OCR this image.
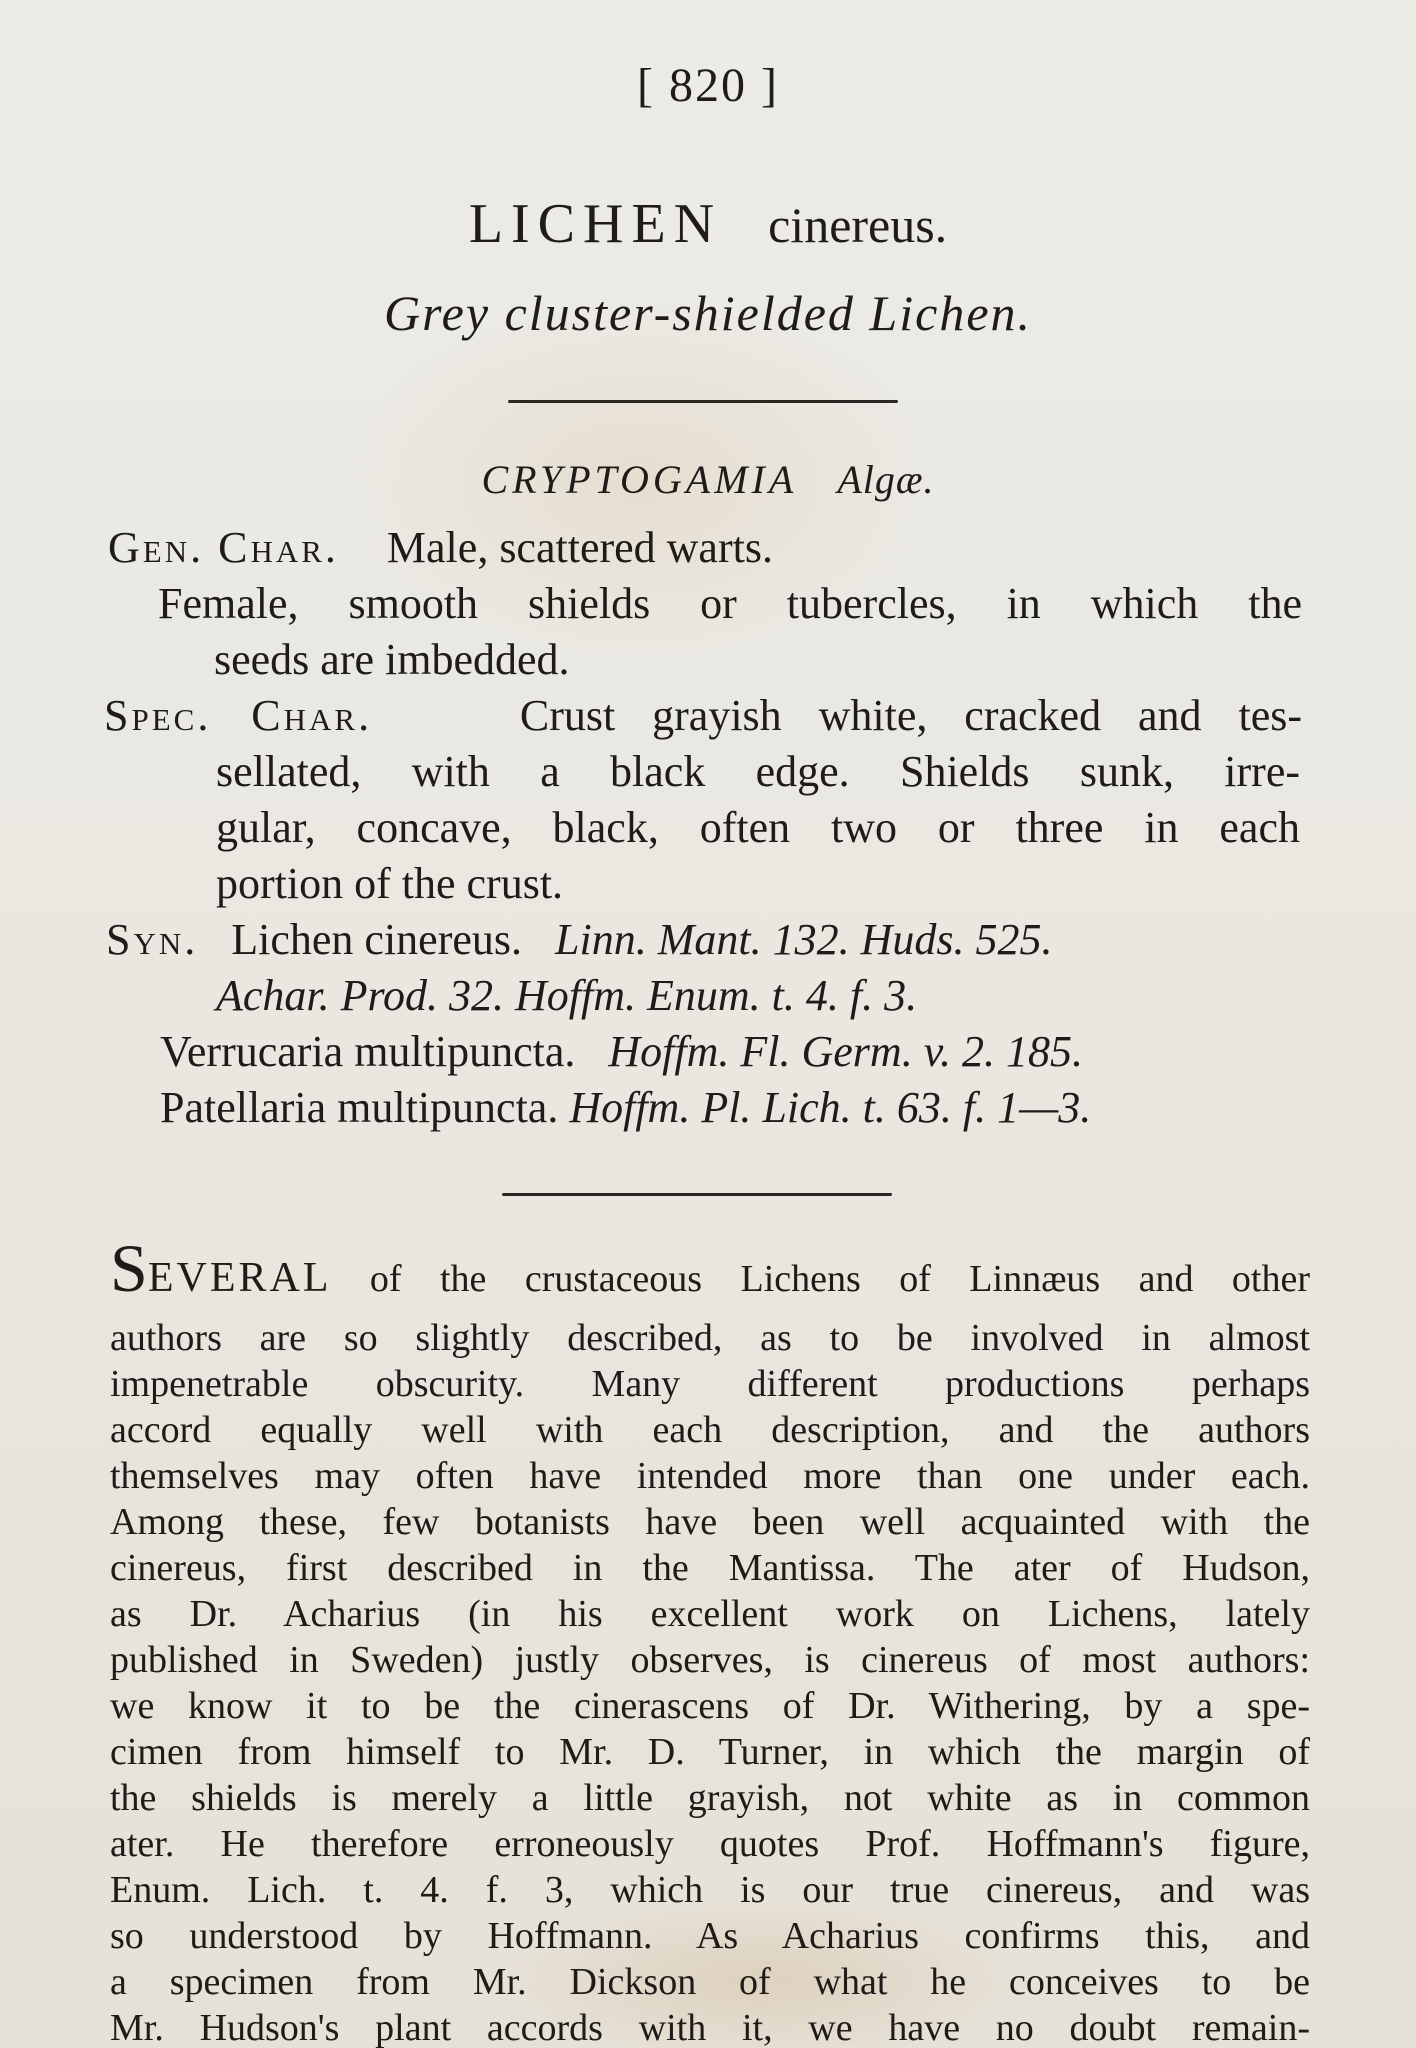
[ 820 ]
LICHEN cinereus.
Grey cluster-shielded Lichen.
CRYPTOGAMIA Algæ.
Gen. Char. Male, scattered warts.
Female, smooth shields or tubercles, in which the
seeds are imbedded.
Spec. Char.	Crust grayish white, cracked and tes-
sellated, with a black edge. Shields sunk, irre-
gular, concave, black, often two or three in each
portion of the crust.
Syn. Lichen cinereus. Linn. Mant. 132. Huds. 525.
Achar. Prod. 32. Hoffm. Enum. t. 4. f. 3.
Verrucaria multipuncta. Hoffm. Fl. Germ. v. 2. 185.
Patellaria multipuncta. Hoffm. Pl. Lich. t. 63. f. 1—3.
SEVERAL of the crustaceous Lichens of Linnæus and other
authors are so slightly described, as to be involved in almost
impenetrable obscurity. Many different productions perhaps
accord equally well with each description, and the authors
themselves may often have intended more than one under each.
Among these, few botanists have been well acquainted with the
cinereus, first described in the Mantissa. The ater of Hudson,
as Dr. Acharius (in his excellent work on Lichens, lately
published in Sweden) justly observes, is cinereus of most authors:
we know it to be the cinerascens of Dr. Withering, by a spe-
cimen from himself to Mr. D. Turner, in which the margin of
the shields is merely a little grayish, not white as in common
ater. He therefore erroneously quotes Prof. Hoffmann's figure,
Enum. Lich. t. 4. f. 3, which is our true cinereus, and was
so understood by Hoffmann. As Acharius confirms this, and
a specimen from Mr. Dickson of what he conceives to be
Mr. Hudson's plant accords with it, we have no doubt remain-
